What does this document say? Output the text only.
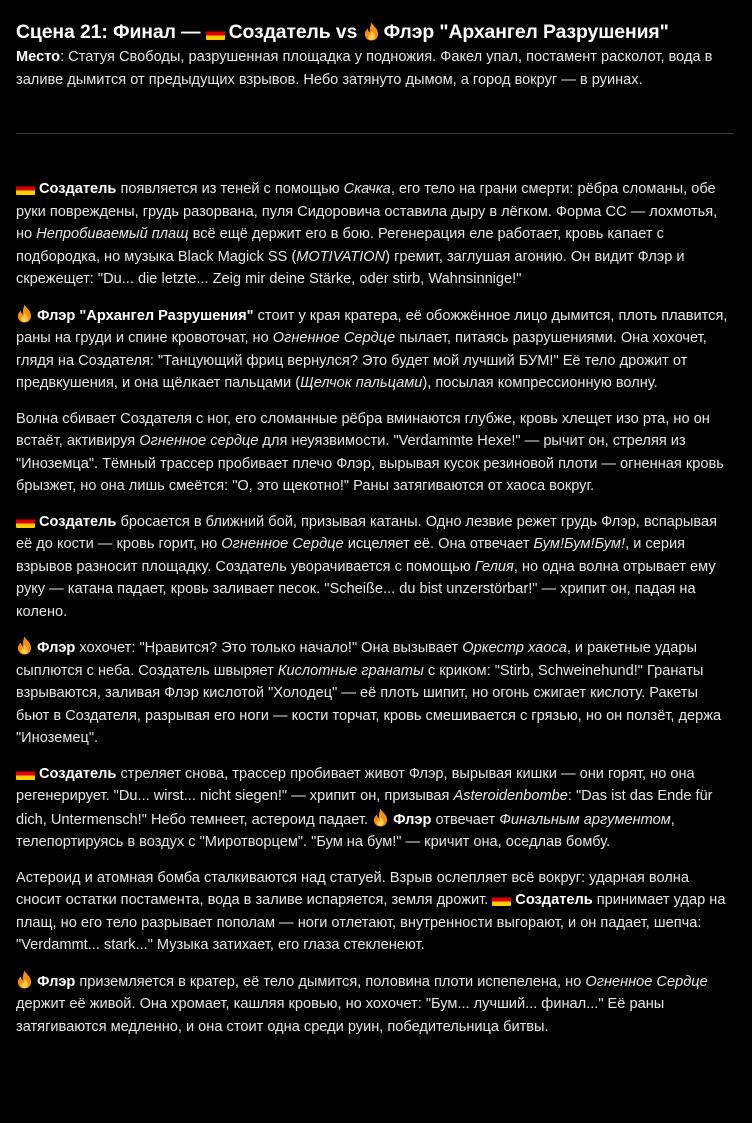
Сцена 21: Финал — Создатель vs
Флэр "Архангел Разрушения"

Место: Статуя Свободы, разрушенная площадка у подножия. Факел упал, постамент расколот, вода в заливе дымится от предыдущих взрывов. Небо затянуто дымом, а город вокруг — в руинах.

Создатель появляется из теней с помощью Скачка, его тело на грани смерти: рёбра сломаны, обе руки повреждены, грудь разорвана, пуля Сидоровича оставила дыру в лёгком. Форма СС — лохмотья, но Непробиваемый плащ всё ещё держит его в бою. Регенерация еле работает, кровь капает с подбородка, но музыка Black Magick SS (MOTIVATION) гремит, заглушая агонию. Он видит Флэр и скрежещет: "Du... die letzte... Zeig mir deine Stärke, oder stirb, Wahnsinnige!"

Флэр "Архангел Разрушения" стоит у края кратера, её обожжённое лицо дымится, плоть плавится, раны на груди и спине кровоточат, но Огненное Сердце пылает, питаясь разрушениями. Она хохочет, глядя на Создателя: "Танцующий фриц вернулся? Это будет мой лучший БУМ!" Её тело дрожит от предвкушения, и она щёлкает пальцами (Щелчок пальцами), посылая компрессионную волну.

Волна сбивает Создателя с ног, его сломанные рёбра вминаются глубже, кровь хлещет изо рта, но он встаёт, активируя Огненное сердце для неуязвимости. "Verdammte Hexe!" — рычит он, стреляя из "Иноземца". Тёмный трассер пробивает плечо Флэр, вырывая кусок резиновой плоти — огненная кровь брызжет, но она лишь смеётся: "О, это щекотно!" Раны затягиваются от хаоса вокруг.

Создатель бросается в ближний бой, призывая катаны. Одно лезвие режет грудь Флэр, вспарывая её до кости — кровь горит, но Огненное Сердце исцеляет её. Она отвечает Бум!Бум!Бум!, и серия взрывов разносит площадку. Создатель уворачивается с помощью Гелия, но одна волна отрывает ему руку — катана падает, кровь заливает песок. "Scheiße... du bist unzerstörbar!" — хрипит он, падая на колено.

Флэр хохочет: "Нравится? Это только начало!" Она вызывает Оркестр хаоса, и ракетные удары сыплются с неба. Создатель швыряет Кислотные гранаты с криком: "Stirb, Schweinehund!" Гранаты взрываются, заливая Флэр кислотой "Холодец" — её плоть шипит, но огонь сжигает кислоту. Ракеты бьют в Создателя, разрывая его ноги — кости торчат, кровь смешивается с грязью, но он ползёт, держа "Иноземец".

Создатель стреляет снова, трассер пробивает живот Флэр, вырывая кишки — они горят, но она регенерирует. "Du... wirst... nicht siegen!" — хрипит он, призывая Asteroidenbombe: "Das ist das Ende für dich, Untermensch!" Небо темнеет, астероид падает.
Флэр отвечает Финальным аргументом, телепортируясь в воздух с "Миротворцем". "Бум на бум!" — кричит она, оседлав бомбу.

Астероид и атомная бомба сталкиваются над статуей. Взрыв ослепляет всё вокруг: ударная волна сносит остатки постамента, вода в заливе испаряется, земля дрожит. Создатель принимает удар на плащ, но его тело разрывает пополам — ноги отлетают, внутренности выгорают, и он падает, шепча: "Verdammt... stark..." Музыка затихает, его глаза стекленеют.

Флэр приземляется в кратер, её тело дымится, половина плоти испепелена, но Огненное Сердце держит её живой. Она хромает, кашляя кровью, но хохочет: "Бум... лучший... финал..." Её раны затягиваются медленно, и она стоит одна среди руин, победительница битвы.
